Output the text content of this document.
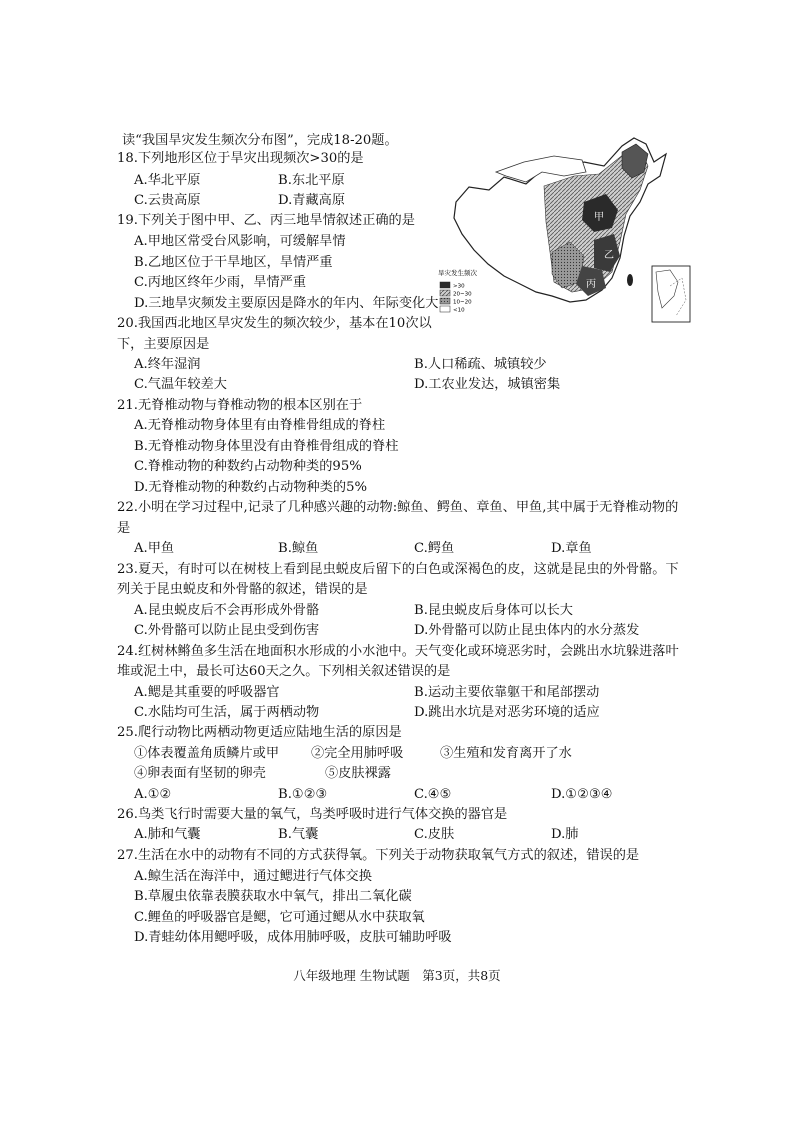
读“我国旱灾发生频次分布图”，完成18-20题。
18.下列地形区位于旱灾出现频次>30的是
A.华北平原	B.东北平原
C.云贵高原	D.青藏高原
19.下列关于图中甲、乙、丙三地旱情叙述正确的是
A.甲地区常受台风影响，可缓解旱情
B.乙地区位于干旱地区，旱情严重
C.丙地区终年少雨，旱情严重
D.三地旱灾频发主要原因是降水的年内、年际变化大
20.我国西北地区旱灾发生的频次较少，基本在10次以
下，主要原因是
A.终年湿润	B.人口稀疏、城镇较少
C.气温年较差大	D.工农业发达，城镇密集
21.无脊椎动物与脊椎动物的根本区别在于
A.无脊椎动物身体里有由脊椎骨组成的脊柱
B.无脊椎动物身体里没有由脊椎骨组成的脊柱
C.脊椎动物的种数约占动物种类的95%
D.无脊椎动物的种数约占动物种类的5%
22.小明在学习过程中,记录了几种感兴趣的动物:鲸鱼、鳄鱼、章鱼、甲鱼,其中属于无脊椎动物的
是
A.甲鱼	B.鲸鱼	C.鳄鱼	D.章鱼
23.夏天，有时可以在树枝上看到昆虫蜕皮后留下的白色或深褐色的皮，这就是昆虫的外骨骼。下
列关于昆虫蜕皮和外骨骼的叙述，错误的是
A.昆虫蜕皮后不会再形成外骨骼	B.昆虫蜕皮后身体可以长大
C.外骨骼可以防止昆虫受到伤害	D.外骨骼可以防止昆虫体内的水分蒸发
24.红树林鳉鱼多生活在地面积水形成的小水池中。天气变化或环境恶劣时，会跳出水坑躲进落叶
堆或泥土中，最长可达60天之久。下列相关叙述错误的是
A.鳃是其重要的呼吸器官	B.运动主要依靠躯干和尾部摆动
C.水陆均可生活，属于两栖动物	D.跳出水坑是对恶劣环境的适应
25.爬行动物比两栖动物更适应陆地生活的原因是
①体表覆盖角质鳞片或甲 ②完全用肺呼吸	③生殖和发育离开了水
④卵表面有坚韧的卵壳	⑤皮肤裸露
A.①②	B.①②③	C.④⑤	D.①②③④
26.鸟类飞行时需要大量的氧气，鸟类呼吸时进行气体交换的器官是
A.肺和气囊	B.气囊	C.皮肤	D.肺
27.生活在水中的动物有不同的方式获得氧。下列关于动物获取氧气方式的叙述，错误的是
A.鲸生活在海洋中，通过鳃进行气体交换
B.草履虫依靠表膜获取水中氧气，排出二氧化碳
C.鲤鱼的呼吸器官是鳃，它可通过鳃从水中获取氧
D.青蛙幼体用鳃呼吸，成体用肺呼吸，皮肤可辅助呼吸
甲
乙
丙
旱灾发生频次
>30
20~30
10~20
<10
八年级地理 生物试题　第3页，共8页
